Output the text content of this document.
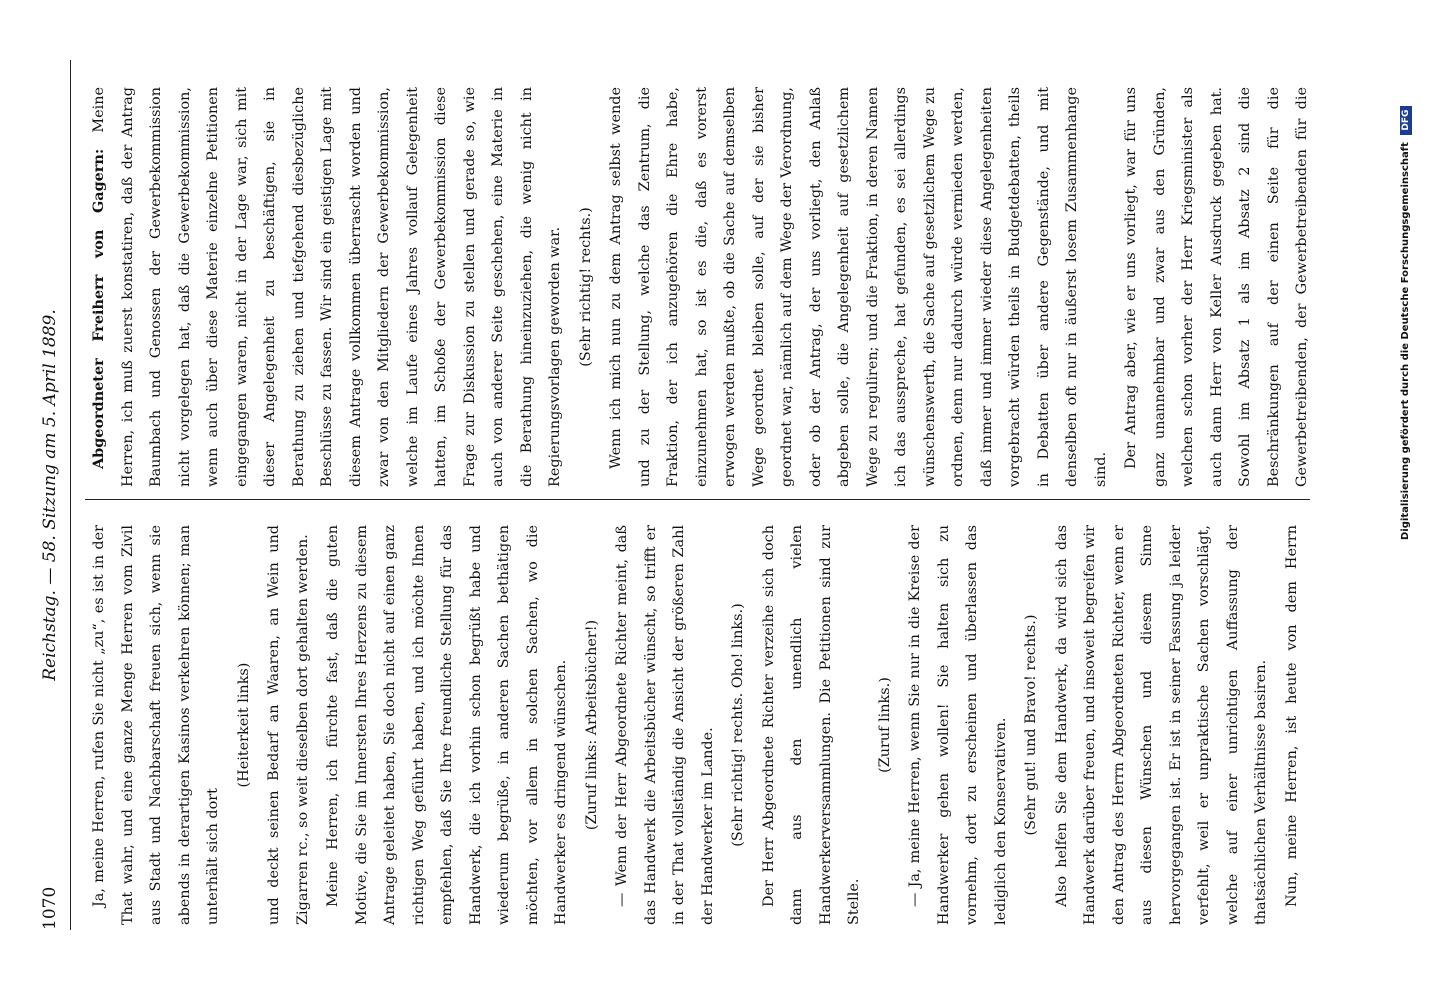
1070
Reichstag. — 58. Sitzung am 5. April 1889.

Ja, meine Herren, rufen Sie nicht „zu“, es ist in der That wahr, und eine ganze Menge Herren vom Zivil aus Stadt und Nachbarschaft freuen sich, wenn sie abends in derartigen Kasinos verkehren können; man unterhält sich dort

(Heiterkeit links)	und deckt seinen Bedarf an Waaren, an Wein und Zigarren rc., so weit dieselben dort gehalten werden.	Meine Herren, ich fürchte fast, daß die guten Motive, die Sie im Innersten Ihres Herzens zu diesem Antrage geleitet haben, Sie doch nicht auf einen ganz richtigen Weg geführt haben, und ich möchte Ihnen empfehlen, daß Sie Ihre freundliche Stellung für das Handwerk, die ich vorhin schon begrüßt habe und wiederum begrüße, in anderen Sachen bethätigen möchten, vor allem in solchen Sachen, wo die Handwerker es dringend wünschen.	(Zuruf links: Arbeitsbücher!)	— Wenn der Herr Abgeordnete Richter meint, daß das Handwerk die Arbeitsbücher wünscht, so trifft er in der That vollständig die Ansicht der größeren Zahl der Handwerker im Lande.	(Sehr richtig! rechts. Oho! links.)	Der Herr Abgeordnete Richter verzeihe sich doch dann aus den unendlich vielen Handwerkerversammlungen. Die Petitionen sind zur Stelle.

(Zuruf links.)	— Ja, meine Herren, wenn Sie nur in die Kreise der Handwerker gehen wollen! Sie halten sich zu vornehm, dort zu erscheinen und überlassen das lediglich den Konservativen.	(Sehr gut! und Bravo! rechts.)	Also helfen Sie dem Handwerk, da wird sich das Handwerk darüber freuen, und insoweit begreifen wir den Antrag des Herrn Abgeordneten Richter, wenn er aus diesen Wünschen und diesem Sinne hervorgegangen ist. Er ist in seiner Fassung ja leider verfehlt, weil er unpraktische Sachen vorschlägt, welche auf einer unrichtigen Auffassung der thatsächlichen Verhältnisse basiren.	Nun, meine Herren, ist heute von dem Herrn

Abgeordneter Freiherr von Gagern: Meine Herren, ich muß zuerst konstatiren, daß der Antrag Baumbach und Genossen der Gewerbekommission nicht vorgelegen hat, daß die Gewerbekommission, wenn auch über diese Materie einzelne Petitionen eingegangen waren, nicht in der Lage war, sich mit dieser Angelegenheit zu beschäftigen, sie in Berathung zu ziehen und tiefgehend diesbezügliche Beschlüsse zu fassen. Wir sind ein geistigen Lage mit diesem Antrage vollkommen überrascht worden und zwar von den Mitgliedern der Gewerbekommission, welche im Laufe eines Jahres vollauf Gelegenheit hatten, im Schoße der Gewerbekommission diese Frage zur Diskussion zu stellen und gerade so, wie auch von anderer Seite geschehen, eine Materie in die Berathung hineinzuziehen, die wenig nicht in Regierungsvorlagen geworden war.	(Sehr richtig! rechts.)	Wenn ich mich nun zu dem Antrag selbst wende und zu der Stellung, welche das Zentrum, die Fraktion, der ich anzugehören die Ehre habe, einzunehmen hat, so ist es die, daß es vorerst erwogen werden mußte, ob die Sache auf demselben Wege geordnet bleiben solle, auf der sie bisher geordnet war, nämlich auf dem Wege der Verordnung, oder ob der Antrag, der uns vorliegt, den Anlaß abgeben solle, die Angelegenheit auf gesetzlichem Wege zu reguliren; und die Fraktion, in deren Namen ich das ausspreche, hat gefunden, es sei allerdings wünschenswerth, die Sache auf gesetzlichem Wege zu ordnen, denn nur dadurch würde vermieden werden, daß immer und immer wieder diese Angelegenheiten vorgebracht würden theils in Budgetdebatten, theils in Debatten über andere Gegenstände, und mit denselben oft nur in äußerst losem Zusammenhange sind.	Der Antrag aber, wie er uns vorliegt, war für uns ganz unannehmbar und zwar aus den Gründen, welchen schon vorher der Herr Kriegsminister als auch dann Herr von Keller Ausdruck gegeben hat. Sowohl im Absatz 1 als im Absatz 2 sind die Beschränkungen auf der einen Seite für die Gewerbetreibenden, der Gewerbetreibenden für die

Digitalisierung gefördert durch die Deutsche Forschungsgemeinschaft DFG
